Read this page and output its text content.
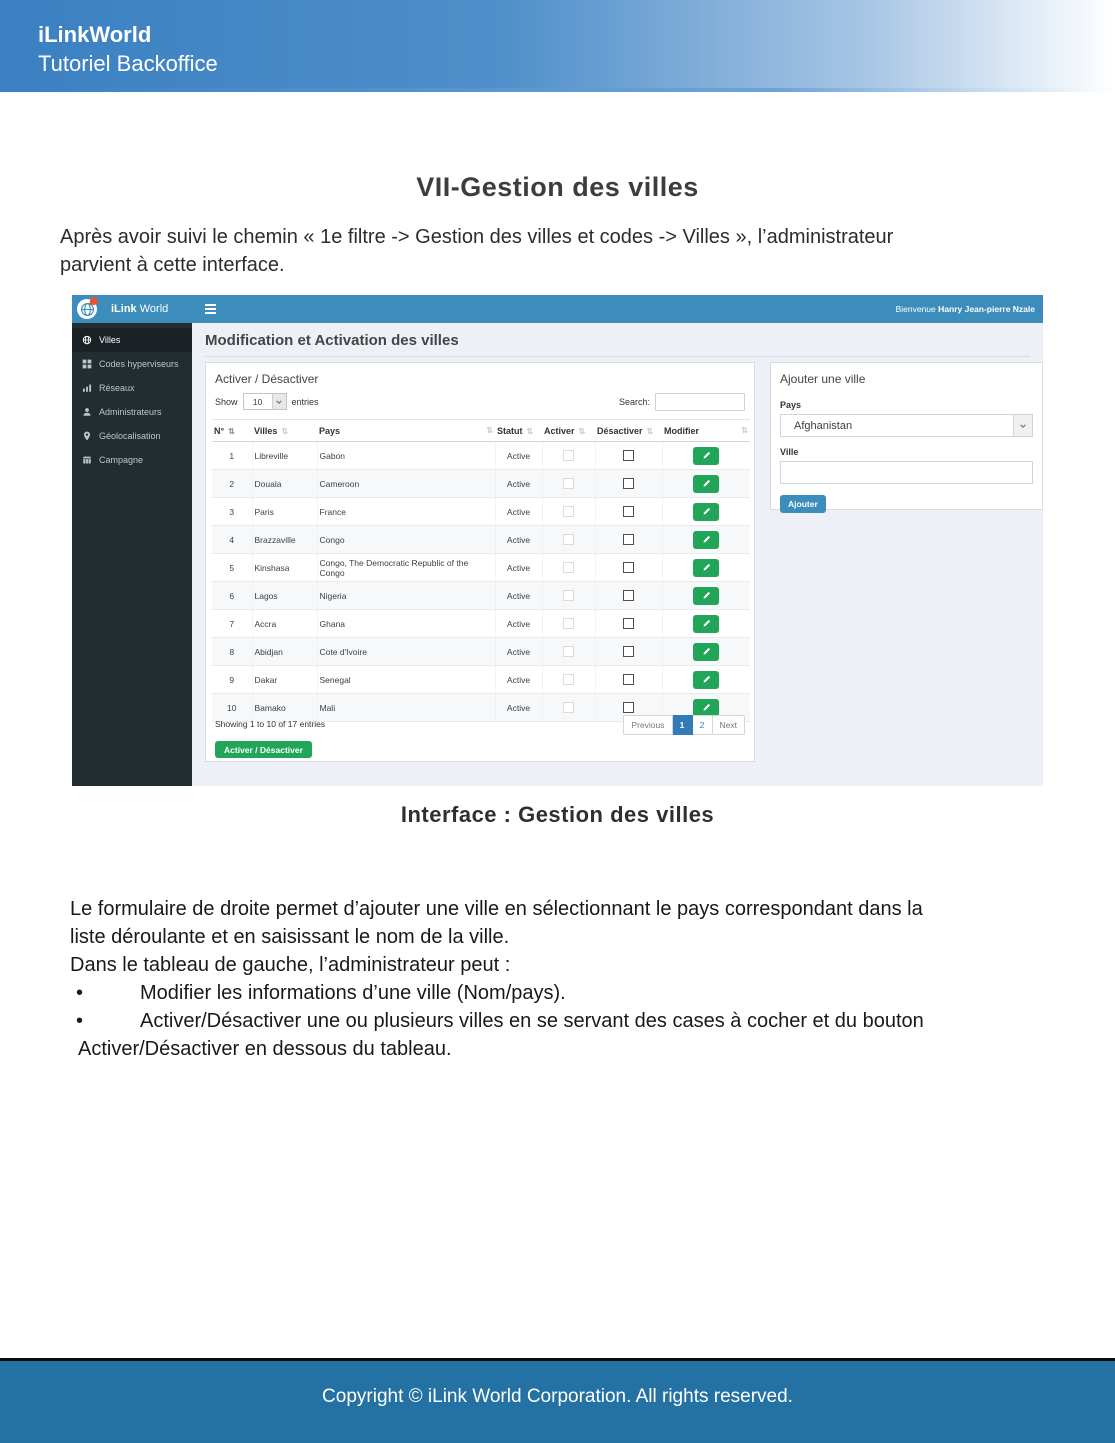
iLinkWorld
Tutoriel Backoffice
VII-Gestion des villes
Après avoir suivi le chemin « 1e filtre -> Gestion des villes et codes -> Villes », l’administrateur
parvient à cette interface.
iLink World
Villes
Codes hyperviseurs
Réseaux
Administrateurs
Géolocalisation
Campagne
Bienvenue Hanry Jean-pierre Nzale
Modification et Activation des villes
Activer / Désactiver
Show	10	entries	Search:
N° ⇅	Villes ⇅	Pays ⇅	Statut ⇅	Activer ⇅	Désactiver ⇅	Modifier ⇅

1	Libreville	Gabon	Active	

2	Douala	Cameroon	Active	

3	Paris	France	Active	

4	Brazzaville	Congo	Active	

5	Kinshasa	Congo, The Democratic Republic of the Congo	Active	

6	Lagos	Nigeria	Active	

7	Accra	Ghana	Active	

8	Abidjan	Cote d'Ivoire	Active	

9	Dakar	Senegal	Active	

10	Bamako	Mali	Active	

Showing 1 to 10 of 17 entries	Previous	1	2	Next
Activer / Désactiver
Ajouter une ville
Pays
Afghanistan
Ville
Ajouter
Interface : Gestion des villes
Le formulaire de droite permet d’ajouter une ville en sélectionnant le pays correspondant dans la
liste déroulante et en saisissant le nom de la ville.
Dans le tableau de gauche, l’administrateur peut :
•	Modifier les informations d’une ville (Nom/pays).
•	Activer/Désactiver une ou plusieurs villes en se servant des cases à cocher et du bouton
Activer/Désactiver en dessous du tableau.
Copyright © iLink World Corporation. All rights reserved.
